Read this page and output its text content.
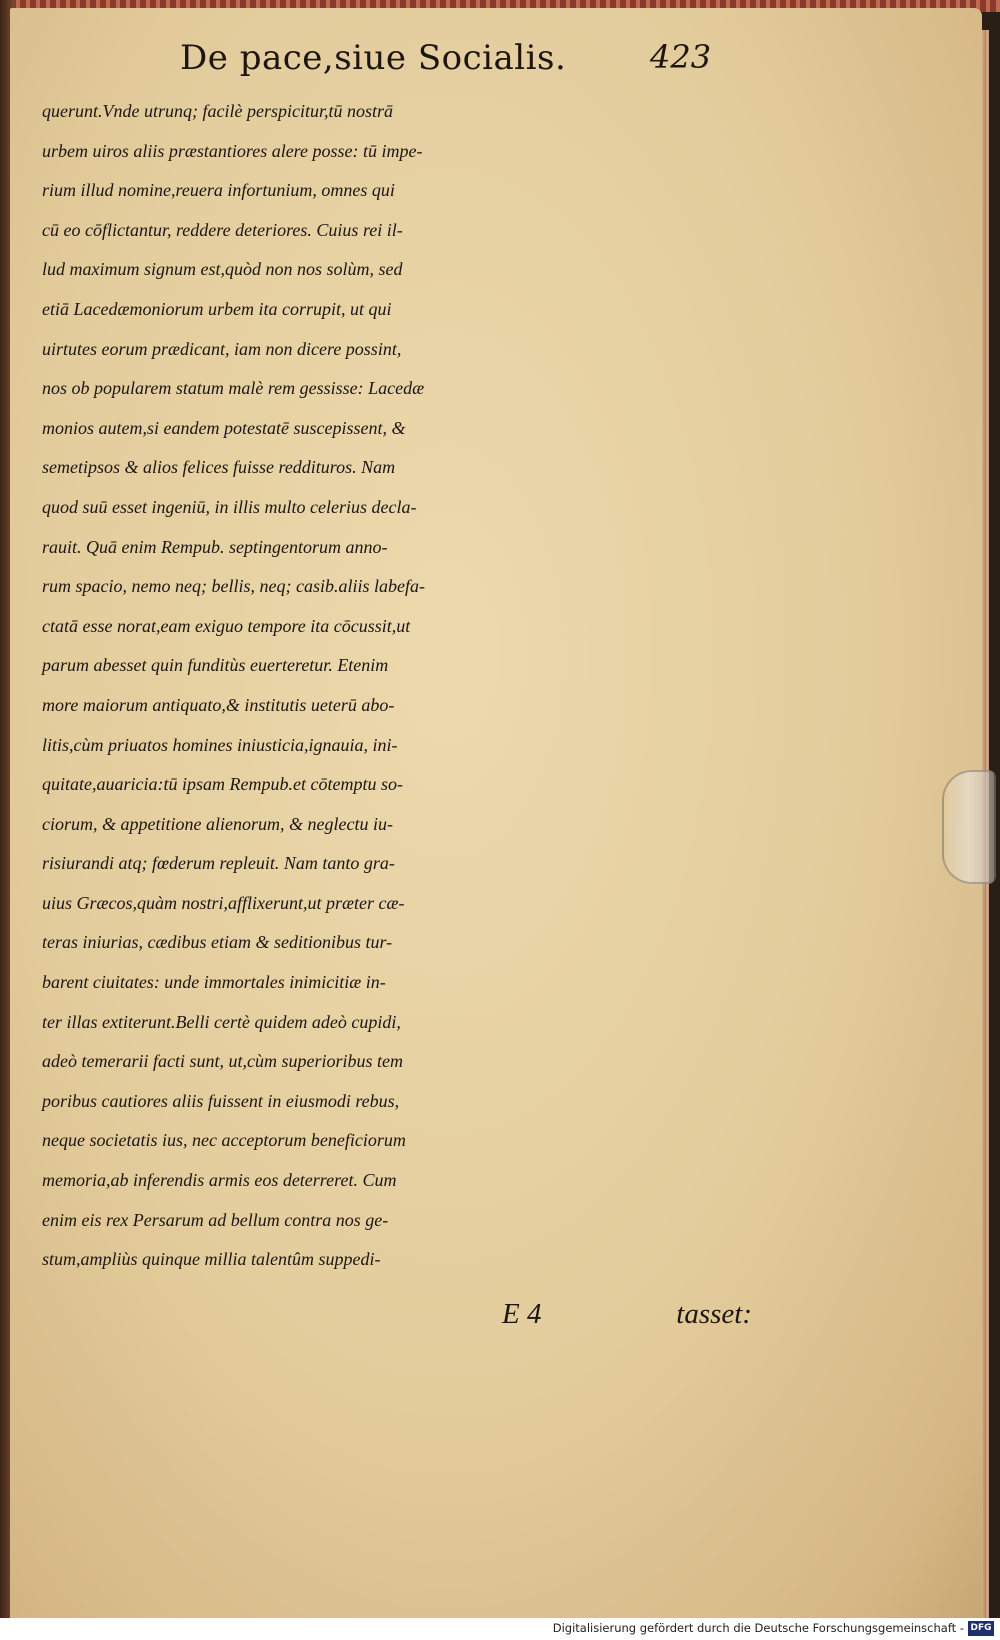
De pace,siue Socialis.	423
querunt.Vnde utrunq; facilè perspicitur,tū nostrā
urbem uiros aliis præstantiores alere posse: tū impe-
rium illud nomine,reuera infortunium, omnes qui
cū eo cōflictantur, reddere deteriores. Cuius rei il-
lud maximum signum est,quòd non nos solùm, sed
etiā Lacedæmoniorum urbem ita corrupit, ut qui
uirtutes eorum prædicant, iam non dicere possint,
nos ob popularem statum malè rem gessisse: Lacedæ
monios autem,si eandem potestatē suscepissent, &
semetipsos & alios felices fuisse reddituros. Nam
quod suū esset ingeniū, in illis multo celerius decla-
rauit. Quā enim Rempub. septingentorum anno-
rum spacio, nemo neq; bellis, neq; casib.aliis labefa-
ctatā esse norat,eam exiguo tempore ita cōcussit,ut
parum abesset quin funditùs euerteretur. Etenim
more maiorum antiquato,& institutis ueterū abo-
litis,cùm priuatos homines iniusticia,ignauia, ini-
quitate,auaricia:tū ipsam Rempub.et cōtemptu so-
ciorum, & appetitione alienorum, & neglectu iu-
risiurandi atq; fœderum repleuit. Nam tanto gra-
uius Græcos,quàm nostri,afflixerunt,ut præter cæ-
teras iniurias, cædibus etiam & seditionibus tur-
barent ciuitates: unde immortales inimicitiæ in-
ter illas extiterunt.Belli certè quidem adeò cupidi,
adeò temerarii facti sunt, ut,cùm superioribus tem
poribus cautiores aliis fuissent in eiusmodi rebus,
neque societatis ius, nec acceptorum beneficiorum
memoria,ab inferendis armis eos deterreret. Cum
enim eis rex Persarum ad bellum contra nos ge-
stum,ampliùs quinque millia talentûm suppedi-
E 4	tasset:
Digitalisierung gefördert durch die Deutsche Forschungsgemeinschaft - DFG
